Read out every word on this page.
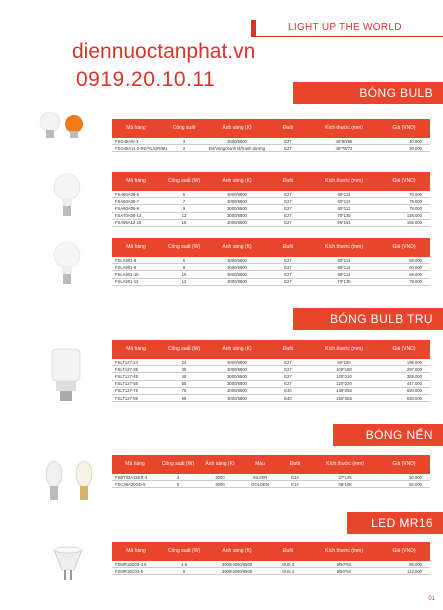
LIGHT UP THE WORLD
diennuoctanphat.vn
0919.20.10.11
BÓNG BULB
Mã hàng	Công suất	Ánh sáng (K)	Đuôi	Kích thước (mm)	Giá (VND)
FSG45A/II-3	3	3000/6500	E27	45*80/85	40.000
FSG45A11-2-RD/YL/GR/BU	2	Đỏ/Vàng/Xanh lá/Xanh dương	E27	45*78/72	30.000
Mã hàng	Công suất (W)	Ánh sáng (K)	Đuôi	Kích thước (mm)	Giá (VND)
FSA60A08-5	5	3000/6500	E27	60*112	70.000
FSA60A08-7	7	3000/6500	E27	60*112	75.000
FSA60A08-9	9	3000/6500	E27	60*112	79.000
FSA70A08-13	13	3000/6500	E27	70*135	128.000
FSA95A12-18	18	3000/6500	E27	95*161	155.000
Mã hàng	Công suất (W)	Ánh sáng (K)	Đuôi	Kích thước (mm)	Giá (VND)
FSLA601-6	6	3000/6500	E27	60*112	56.000
FSLA601-8	8	3000/6500	E27	60*112	60.000
FSLA601-10	10	3000/6500	E27	60*112	66.000
FSLA601-12	12	3000/6500	E27	70*135	79.000
BÓNG BULB TRỤ
Mã hàng	Công suất (W)	Ánh sáng (K)	Đuôi	Kích thước (mm)	Giá (VND)
FSLT127-24	24	3000/6500	E27	80*150	196.000
FSLT127-35	35	3000/6500	E27	100*180	297.000
FSLT127-45	45	3000/6500	E27	120*210	389.000
FSLT127-55	55	3000/6500	E27	120*220	447.000
FSLT127-75	75	3000/6500	E40	135*255	620.000
FSLT127-98	98	3000/6500	E40	150*265	830.000
BÓNG NẾN
Mã hàng	Công suất (W)	Ánh sáng (K)	Màu	Đuôi	Kích thước (mm)	Giá (VND)
FSBT03A15SR-3	3	3000	SILVER	E14	37*125	50.000
FSC36A20GD-5	5	3000	GOLDEN	E14	36*108	82.000
LED MR16
Mã hàng	Công suất (W)	Ánh sáng (K)	Đuôi	Kích thước (mm)	Giá (VND)
FSMR16D03-4.5	4.5	3000/4000/6500	GU5.3	Ø50*52	86.000
FSMR16C03-5	5	3000/4000/6500	GU5.3	Ø50*52	113.000
01
